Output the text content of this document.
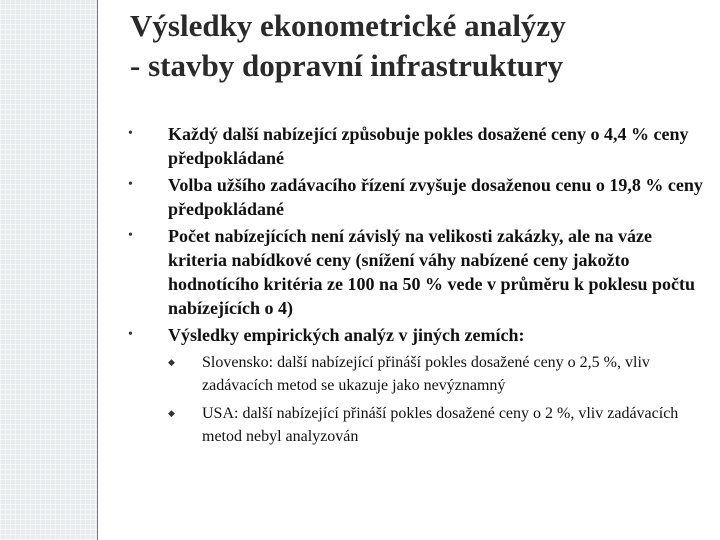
Výsledky ekonometrické analýzy
- stavby dopravní infrastruktury
•	Každý další nabízející způsobuje pokles dosažené ceny o 4,4 % ceny předpokládané
•	Volba užšího zadávacího řízení zvyšuje dosaženou cenu o 19,8 % ceny předpokládané
•	Počet nabízejících není závislý na velikosti zakázky, ale na váze kriteria nabídkové ceny (snížení váhy nabízené ceny jakožto hodnotícího kritéria ze 100 na 50 % vede v průměru k poklesu počtu nabízejících o 4)
•	Výsledky empirických analýz v jiných zemích:
◆ Slovensko: další nabízející přináší pokles dosažené ceny o 2,5 %, vliv zadávacích metod se ukazuje jako nevýznamný
◆ USA: další nabízející přináší pokles dosažené ceny o 2 %, vliv zadávacích metod nebyl analyzován
